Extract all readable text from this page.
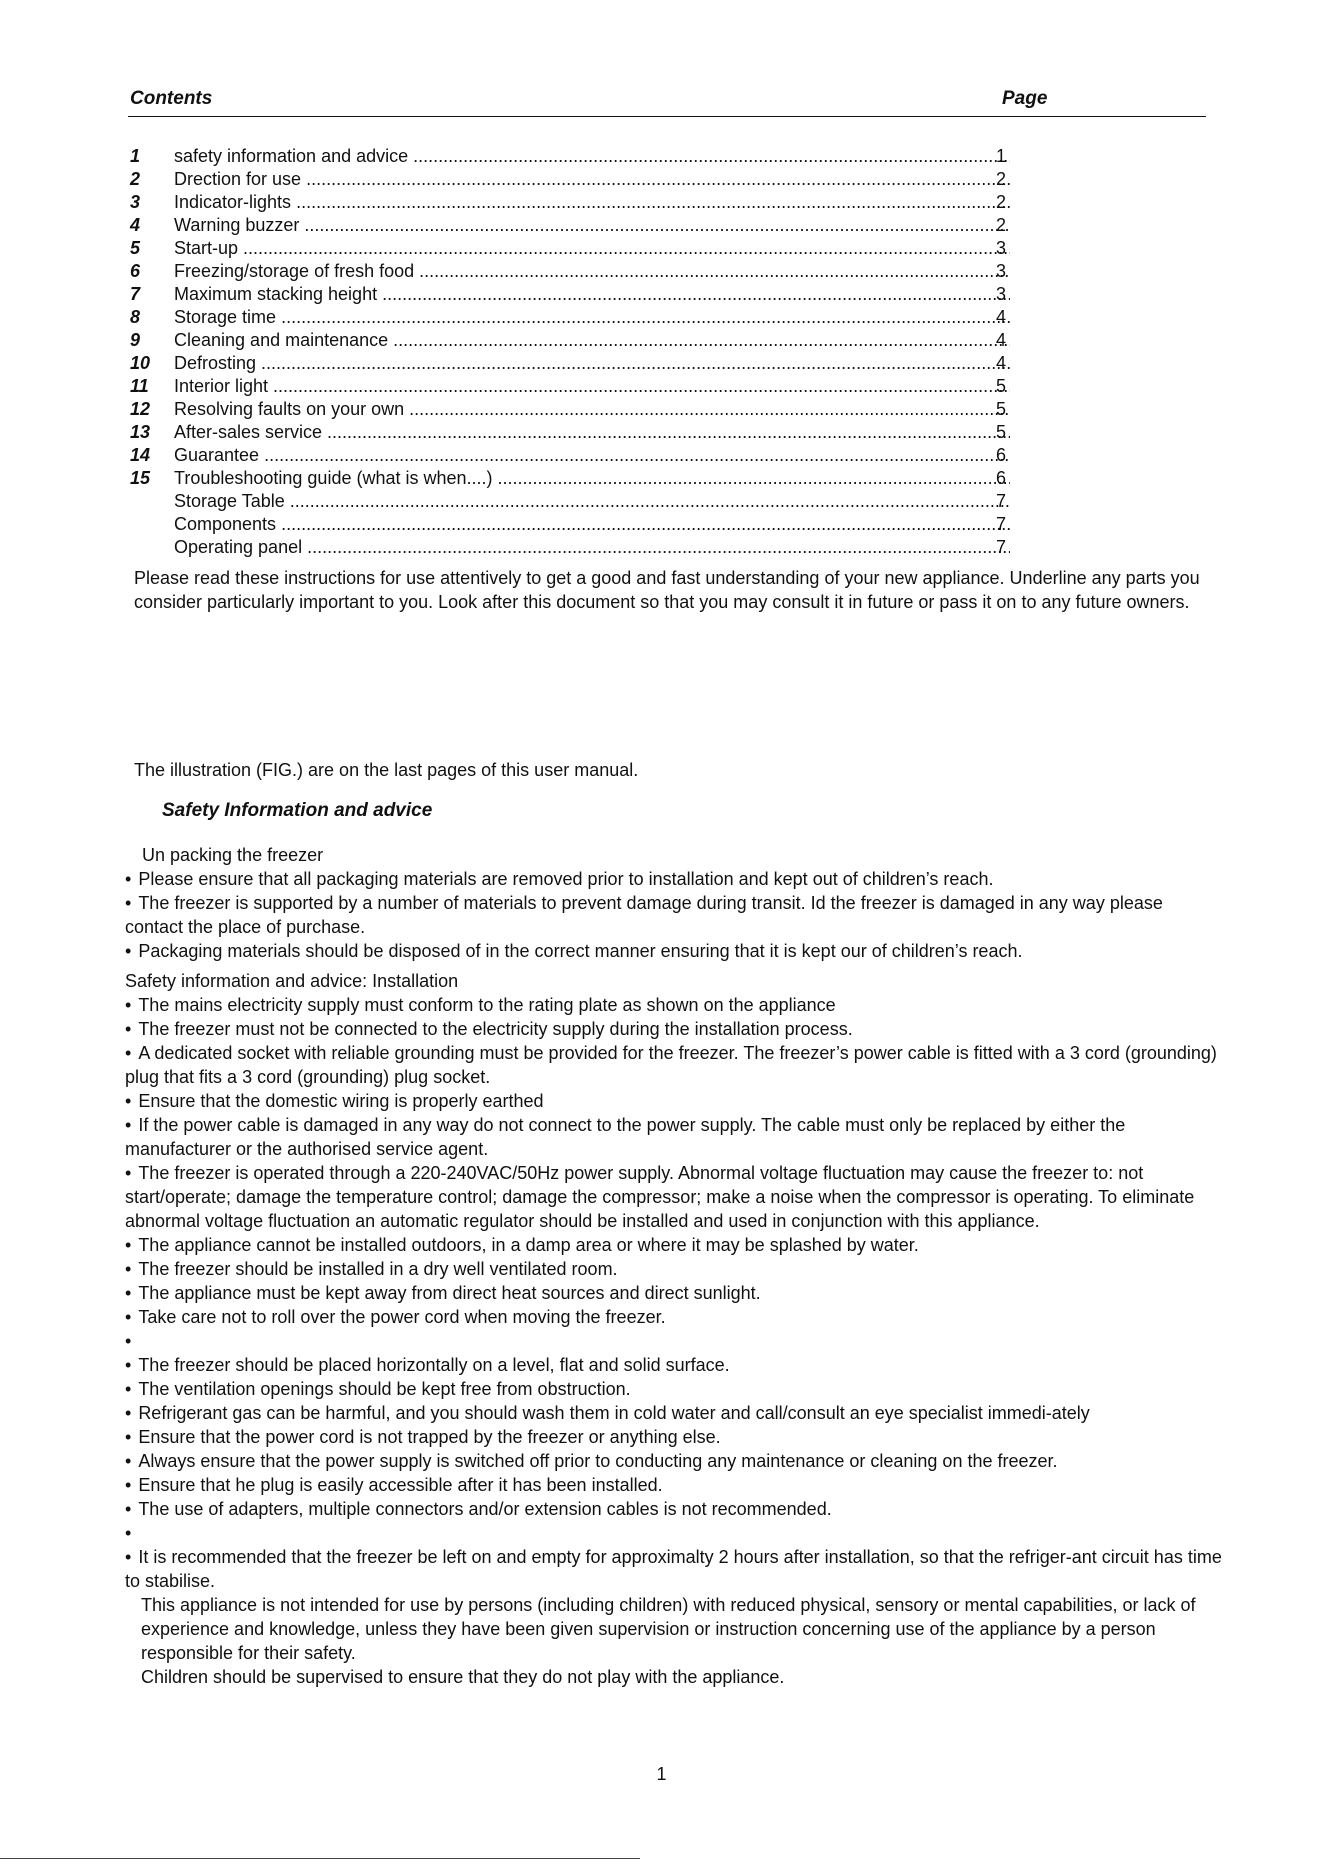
Contents	Page
1	safety information and advice .....	1
2	Drection for use .....	2
3	Indicator-lights .....	2
4	Warning buzzer .....	2
5	Start-up .....	3
6	Freezing/storage of fresh food .....	3
7	Maximum stacking height .....	3
8	Storage time .....	4
9	Cleaning and maintenance .....	4
10	Defrosting .....	4
11	Interior light .....	5
12	Resolving faults on your own .....	5
13	After-sales service .....	5
14	Guarantee .....	6
15	Troubleshooting guide (what is when....) .....	6
Storage Table .....	7
Components .....	7
Operating panel .....	7

Please read these instructions for use attentively to get a good and fast understanding of your new appliance. Underline any parts you consider particularly important to you. Look after this document so that you may consult it in future or pass it on to any future owners.

The illustration (FIG.) are on the last pages of this user manual.

Safety Information and advice

Un packing the freezer

• Please ensure that all packaging materials are removed prior to installation and kept out of children’s reach.

• The freezer is supported by a number of materials to prevent damage during transit. Id the freezer is damaged in any way please contact the place of purchase.

• Packaging materials should be disposed of in the correct manner ensuring that it is kept our of children’s reach.

Safety information and advice: Installation

• The mains electricity supply must conform to the rating plate as shown on the appliance

• The freezer must not be connected to the electricity supply during the installation process.

• A dedicated socket with reliable grounding must be provided for the freezer. The freezer’s power cable is fitted with a 3 cord (grounding) plug that fits a 3 cord (grounding) plug socket.

• Ensure that the domestic wiring is properly earthed

• If the power cable is damaged in any way do not connect to the power supply. The cable must only be replaced by either the manufacturer or the authorised service agent.

• The freezer is operated through a 220-240VAC/50Hz power supply. Abnormal voltage fluctuation may cause the freezer to: not start/operate; damage the temperature control; damage the compressor; make a noise when the compressor is operating. To eliminate abnormal voltage fluctuation an automatic regulator should be installed and used in conjunction with this appliance.

• The appliance cannot be installed outdoors, in a damp area or where it may be splashed by water.

• The freezer should be installed in a dry well ventilated room.

• The appliance must be kept away from direct heat sources and direct sunlight.

• Take care not to roll over the power cord when moving the freezer.

•

• The freezer should be placed horizontally on a level, flat and solid surface.

• The ventilation openings should be kept free from obstruction.

• Refrigerant gas can be harmful, and you should wash them in cold water and call/consult an eye specialist immedi-ately

• Ensure that the power cord is not trapped by the freezer or anything else.

• Always ensure that the power supply is switched off prior to conducting any maintenance or cleaning on the freezer.

• Ensure that he plug is easily accessible after it has been installed.

• The use of adapters, multiple connectors and/or extension cables is not recommended.

•

• It is recommended that the freezer be left on and empty for approximalty 2 hours after installation, so that the refriger-ant circuit has time to stabilise.

This appliance is not intended for use by persons (including children) with reduced physical, sensory or mental capabilities, or lack of experience and knowledge, unless they have been given supervision or instruction concerning use of the appliance by a person responsible for their safety.

Children should be supervised to ensure that they do not play with the appliance.

1
